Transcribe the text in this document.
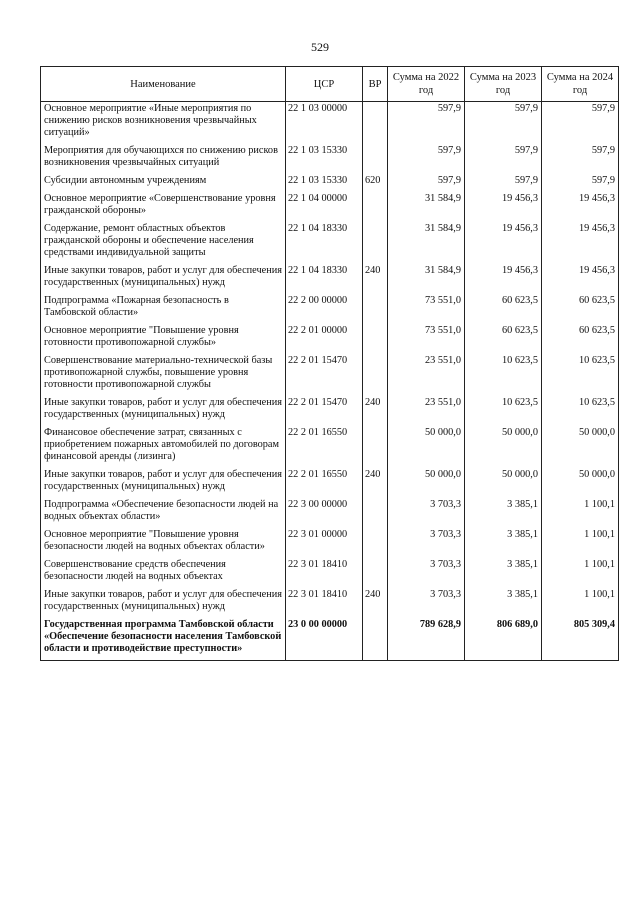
529
Наименование	ЦСР	ВР	Сумма на 2022 год	Сумма на 2023 год	Сумма на 2024 год
Основное мероприятие «Иные мероприятия по снижению рисков возникновения чрезвычайных ситуаций»	22 1 03 00000		597,9	597,9	597,9
Мероприятия для обучающихся по снижению рисков возникновения чрезвычайных ситуаций	22 1 03 15330		597,9	597,9	597,9
Субсидии автономным учреждениям	22 1 03 15330	620	597,9	597,9	597,9
Основное мероприятие «Совершенствование уровня гражданской обороны»	22 1 04 00000		31 584,9	19 456,3	19 456,3
Содержание, ремонт областных объектов гражданской обороны и обеспечение населения средствами индивидуальной защиты	22 1 04 18330		31 584,9	19 456,3	19 456,3
Иные закупки товаров, работ и услуг для обеспечения государственных (муниципальных) нужд	22 1 04 18330	240	31 584,9	19 456,3	19 456,3
Подпрограмма «Пожарная безопасность в Тамбовской области»	22 2 00 00000		73 551,0	60 623,5	60 623,5
Основное мероприятие "Повышение уровня готовности противопожарной службы»	22 2 01 00000		73 551,0	60 623,5	60 623,5
Совершенствование материально-технической базы противопожарной службы, повышение уровня готовности противопожарной службы	22 2 01 15470		23 551,0	10 623,5	10 623,5
Иные закупки товаров, работ и услуг для обеспечения государственных (муниципальных) нужд	22 2 01 15470	240	23 551,0	10 623,5	10 623,5
Финансовое обеспечение затрат, связанных с приобретением пожарных автомобилей по договорам финансовой аренды (лизинга)	22 2 01 16550		50 000,0	50 000,0	50 000,0
Иные закупки товаров, работ и услуг для обеспечения государственных (муниципальных) нужд	22 2 01 16550	240	50 000,0	50 000,0	50 000,0
Подпрограмма «Обеспечение безопасности людей на водных объектах области»	22 3 00 00000		3 703,3	3 385,1	1 100,1
Основное мероприятие "Повышение уровня безопасности людей на водных объектах области»	22 3 01 00000		3 703,3	3 385,1	1 100,1
Совершенствование средств обеспечения безопасности людей на водных объектах	22 3 01 18410		3 703,3	3 385,1	1 100,1
Иные закупки товаров, работ и услуг для обеспечения государственных (муниципальных) нужд	22 3 01 18410	240	3 703,3	3 385,1	1 100,1
Государственная программа Тамбовской области «Обеспечение безопасности населения Тамбовской области и противодействие преступности»	23 0 00 00000		789 628,9	806 689,0	805 309,4
